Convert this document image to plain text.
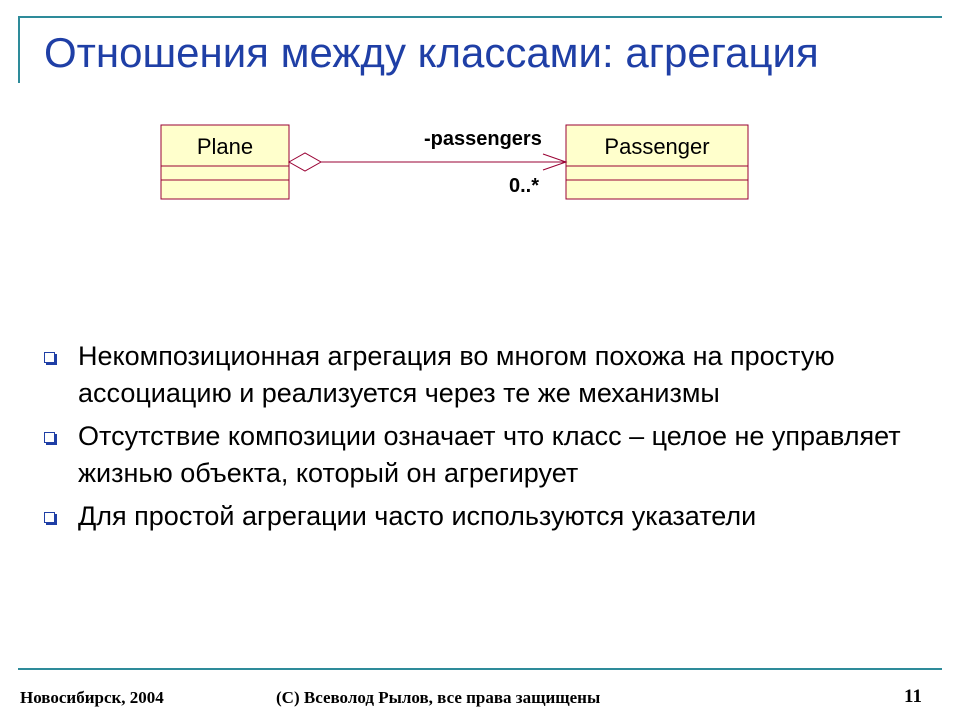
Отношения между классами: агрегация
Plane	Passenger
-passengers
0..*
Некомпозиционная агрегация во многом похожа на простую ассоциацию и реализуется через те же механизмы
Отсутствие композиции означает что класс – целое не управляет жизнью объекта, который он агрегирует
Для простой агрегации часто используются указатели
Новосибирск, 2004	(С) Всеволод Рылов, все права защищены	11
